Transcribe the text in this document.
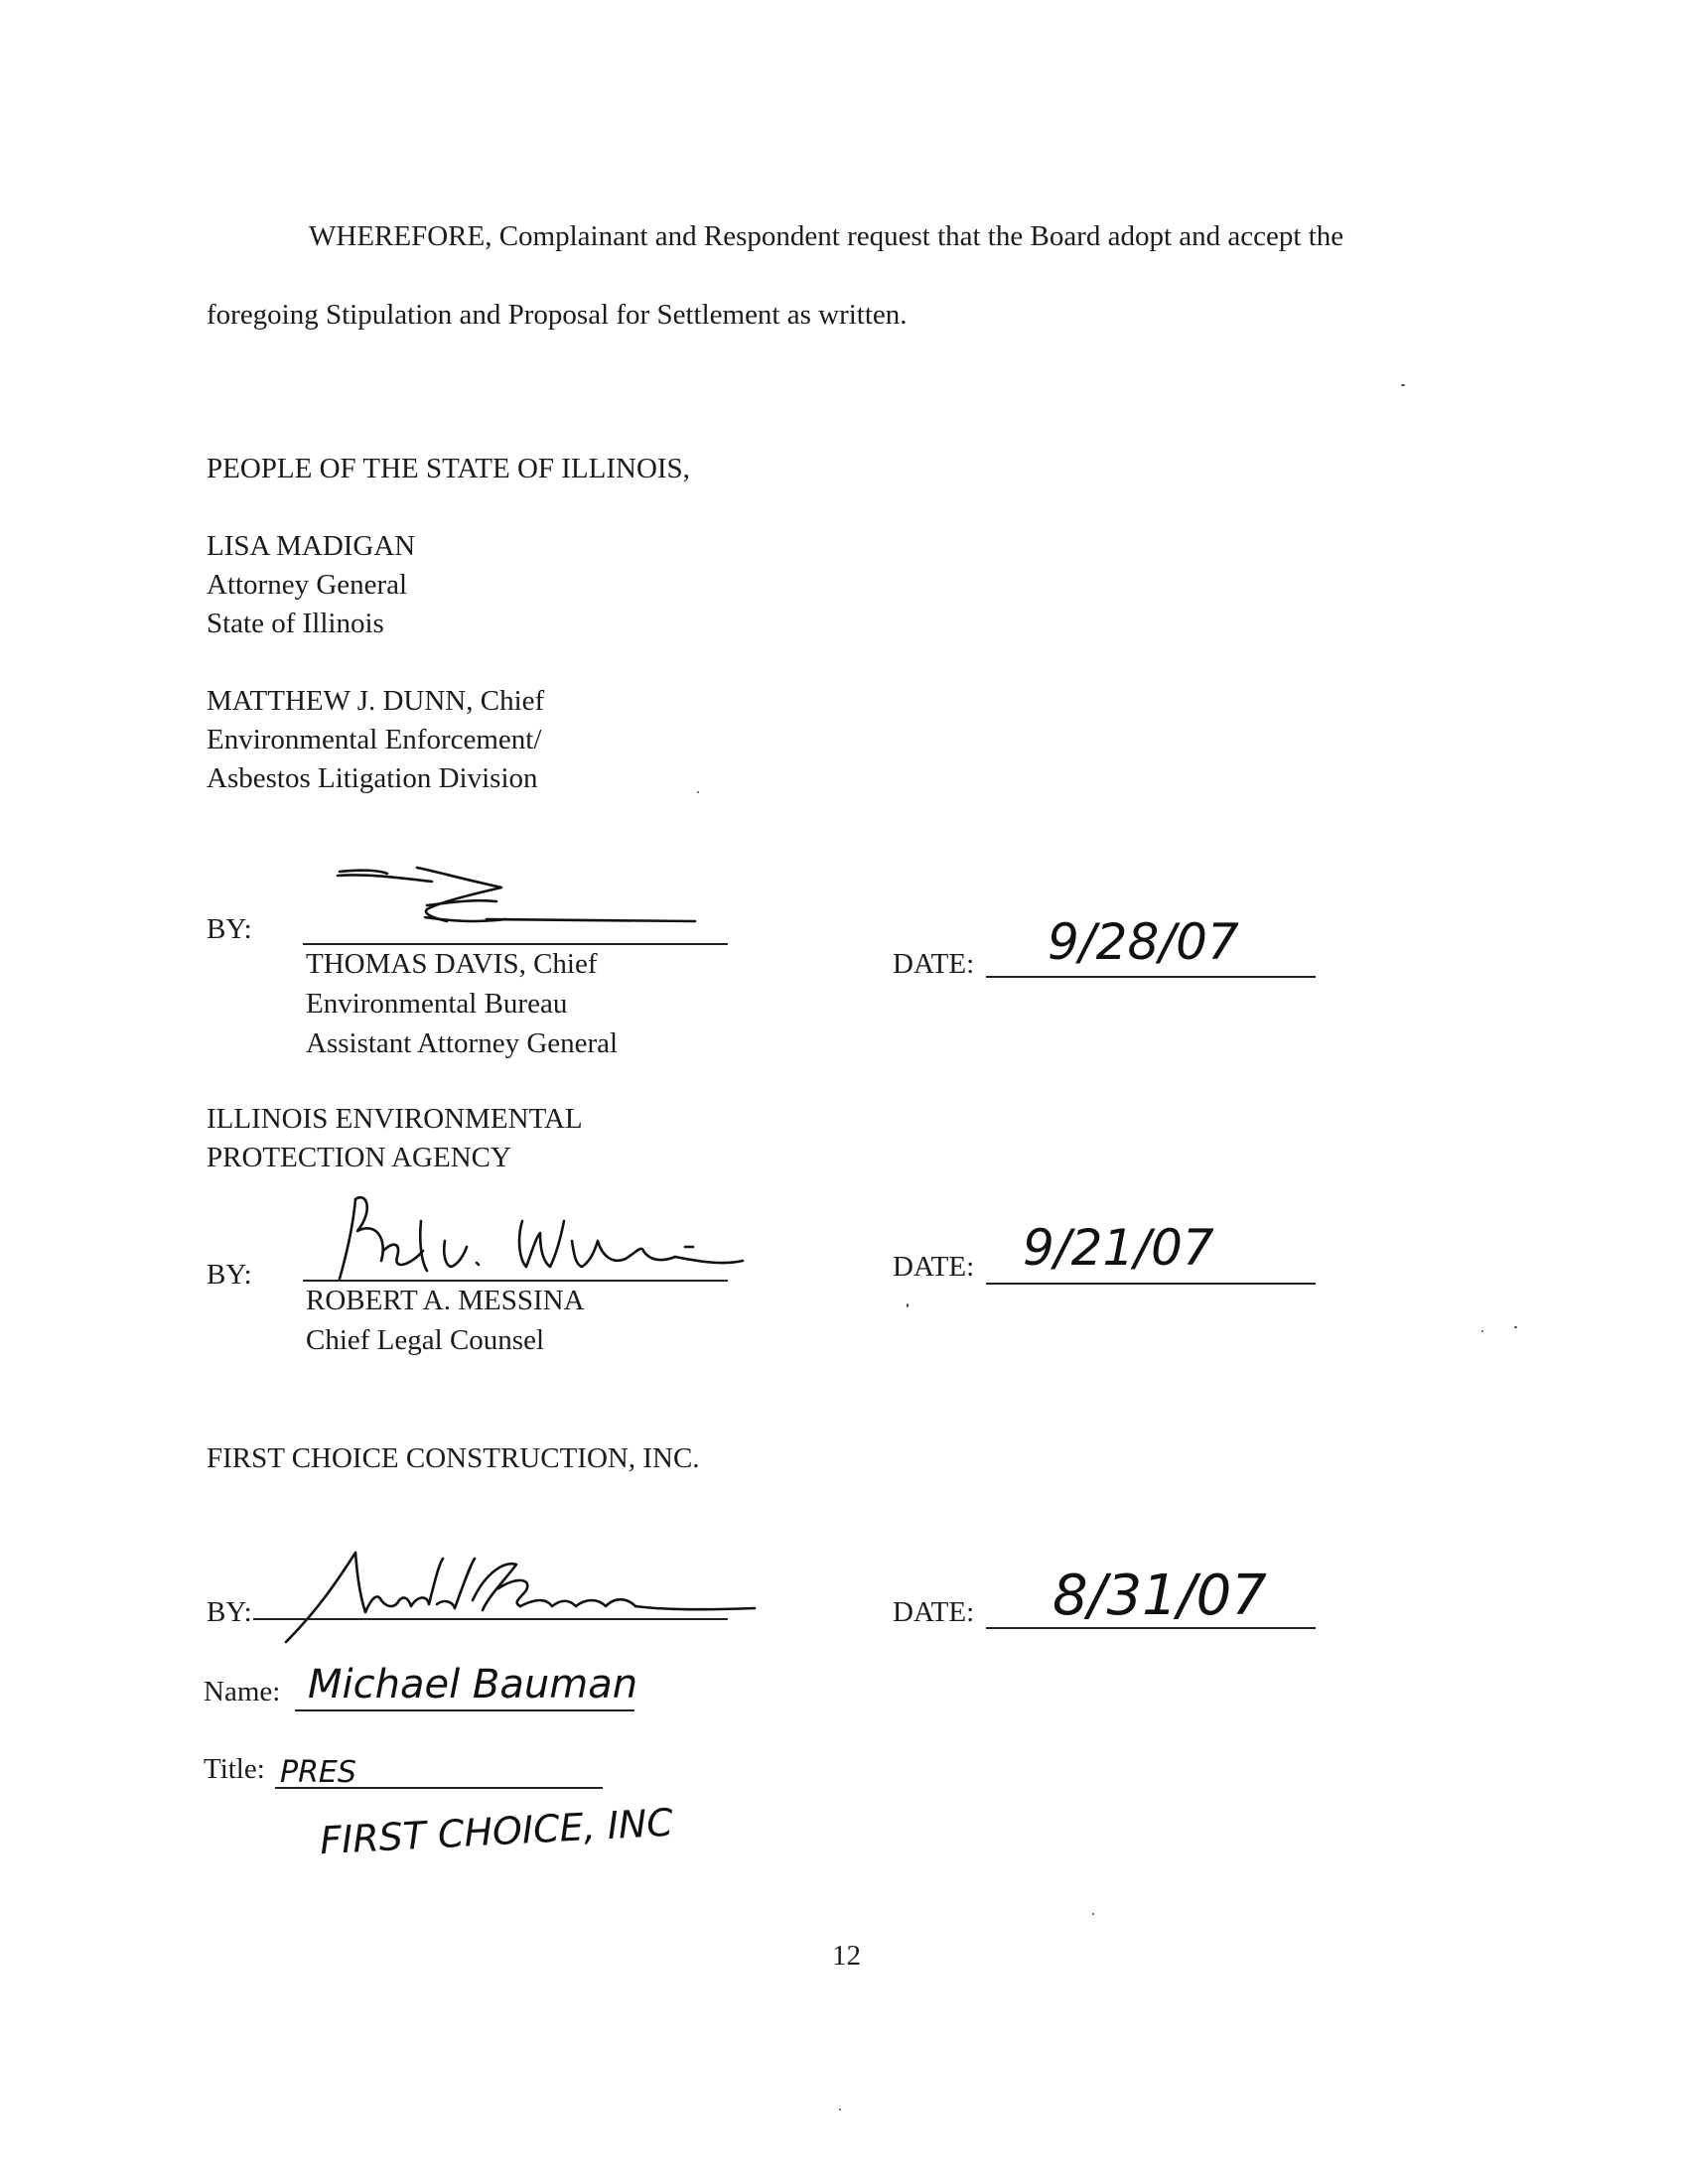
WHEREFORE, Complainant and Respondent request that the Board adopt and accept the
foregoing Stipulation and Proposal for Settlement as written.
PEOPLE OF THE STATE OF ILLINOIS,
LISA MADIGAN
Attorney General
State of Illinois
MATTHEW J. DUNN, Chief
Environmental Enforcement/
Asbestos Litigation Division
BY:
THOMAS DAVIS, Chief
Environmental Bureau
Assistant Attorney General
DATE: 9/28/07
ILLINOIS ENVIRONMENTAL
PROTECTION AGENCY
BY:
ROBERT A. MESSINA
Chief Legal Counsel
DATE: 9/21/07
FIRST CHOICE CONSTRUCTION, INC.
BY:	DATE: 8/31/07
Name: Michael Bauman
Title: PRES
FIRST CHOICE, INC
12
